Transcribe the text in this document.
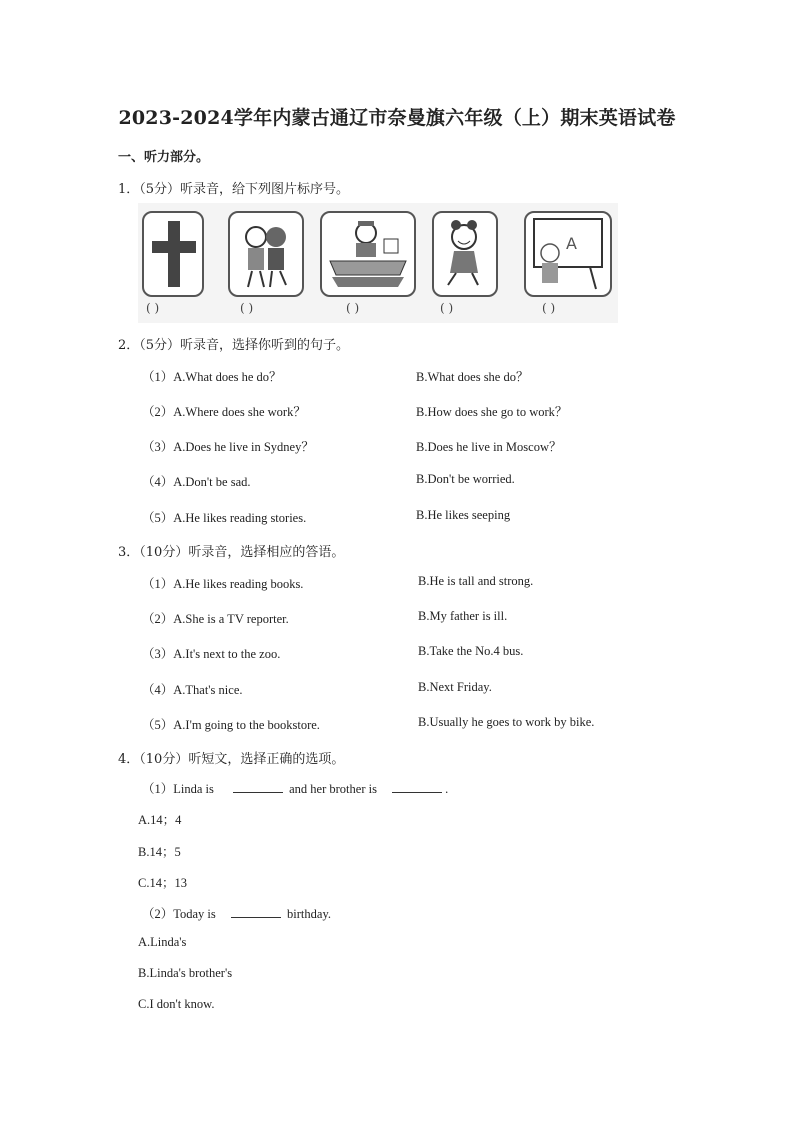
2023-2024学年内蒙古通辽市奈曼旗六年级（上）期末英语试卷
一、听力部分。
1．（5分）听录音，给下列图片标序号。
A
( )	( )	( )	( )	( )
2．（5分）听录音，选择你听到的句子。
（1）A.What does he do？	B.What does she do？
（2）A.Where does she work？	B.How does she go to work？
（3）A.Does he live in Sydney？	B.Does he live in Moscow？
（4）A.Don't be sad.	B.Don't be worried.
（5）A.He likes reading stories.	B.He likes seeping
3．（10分）听录音，选择相应的答语。
（1）A.He likes reading books.	B.He is tall and strong.
（2）A.She is a TV reporter.	B.My father is ill.
（3）A.It's next to the zoo.	B.Take the No.4 bus.
（4）A.That's nice.	B.Next Friday.
（5）A.I'm going to the bookstore.	B.Usually he goes to work by bike.
4．（10分）听短文，选择正确的选项。
（1）Linda is	and her brother is	.
A.14；4
B.14；5
C.14；13
（2）Today is	birthday.
A.Linda's
B.Linda's brother's
C.I don't know.
